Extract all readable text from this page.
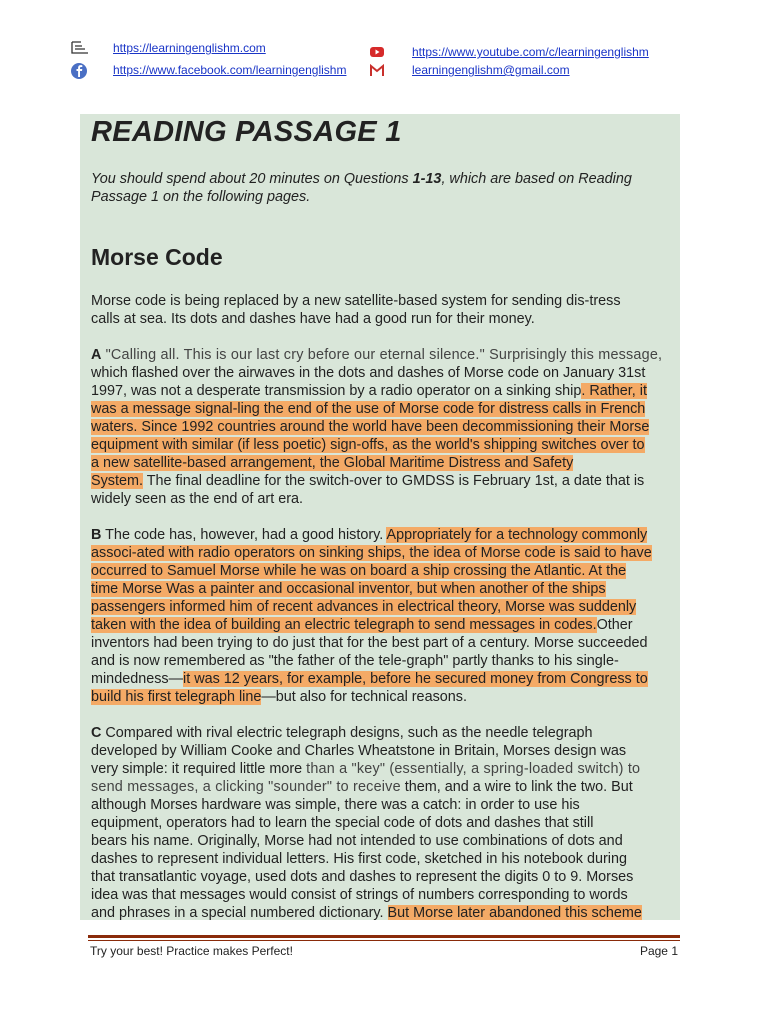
https://learningenglishm.com
https://www.facebook.com/learningenglishm
https://www.youtube.com/c/learningenglishm
learningenglishm@gmail.com
READING PASSAGE 1

You should spend about 20 minutes on Questions 1-13, which are based on Reading
Passage 1 on the following pages.

Morse Code

Morse code is being replaced by a new satellite-based system for sending dis-tress
calls at sea. Its dots and dashes have had a good run for their money.

A "Calling all. This is our last cry before our eternal silence." Surprisingly this message,
which flashed over the airwaves in the dots and dashes of Morse code on January 31st
1997, was not a desperate transmission by a radio operator on a sinking ship. Rather, it
was a message signal-ling the end of the use of Morse code for distress calls in French
waters. Since 1992 countries around the world have been decommissioning their Morse
equipment with similar (if less poetic) sign-offs, as the world's shipping switches over to
a new satellite-based arrangement, the Global Maritime Distress and Safety
System. The final deadline for the switch-over to GMDSS is February 1st, a date that is
widely seen as the end of art era.

B The code has, however, had a good history. Appropriately for a technology commonly
associ-ated with radio operators on sinking ships, the idea of Morse code is said to have
occurred to Samuel Morse while he was on board a ship crossing the Atlantic. At the
time Morse Was a painter and occasional inventor, but when another of the ships
passengers informed him of recent advances in electrical theory, Morse was suddenly
taken with the idea of building an electric telegraph to send messages in codes.Other
inventors had been trying to do just that for the best part of a century. Morse succeeded
and is now remembered as "the father of the tele-graph" partly thanks to his single-
mindedness—it was 12 years, for example, before he secured money from Congress to
build his first telegraph line—but also for technical reasons.

C Compared with rival electric telegraph designs, such as the needle telegraph
developed by William Cooke and Charles Wheatstone in Britain, Morses design was
very simple: it required little more than a "key" (essentially, a spring-loaded switch) to
send messages, a clicking "sounder" to receive them, and a wire to link the two. But
although Morses hardware was simple, there was a catch: in order to use his
equipment, operators had to learn the special code of dots and dashes that still
bears his name. Originally, Morse had not intended to use combinations of dots and
dashes to represent individual letters. His first code, sketched in his notebook during
that transatlantic voyage, used dots and dashes to represent the digits 0 to 9. Morses
idea was that messages would consist of strings of numbers corresponding to words
and phrases in a special numbered dictionary. But Morse later abandoned this scheme

Try your best! Practice makes Perfect!	Page 1
